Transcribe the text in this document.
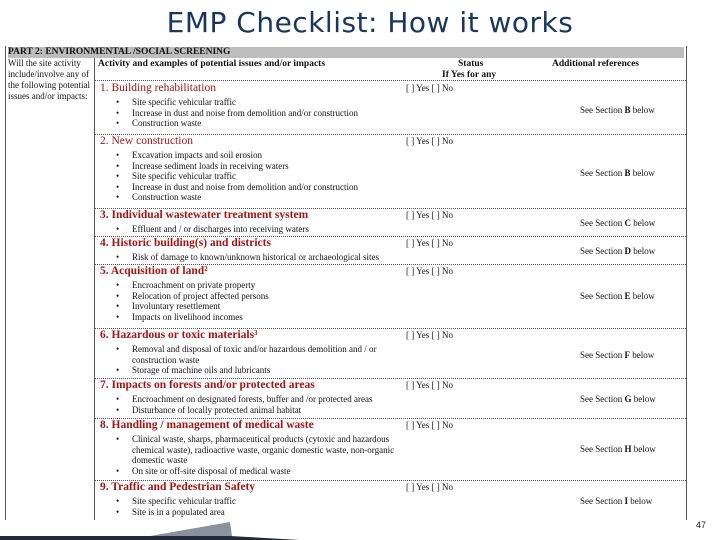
EMP Checklist: How it works
PART 2: ENVIRONMENTAL /SOCIAL SCREENING
Activity and examples of potential issues and/or impacts	Status
If Yes for any
Additional references
Will the site activity include/involve any of the following potential issues and/or impacts:
1. Building rehabilitation	[ ] Yes [ ] No
• Site specific vehicular traffic
• Increase in dust and noise from demolition and/or construction
• Construction waste
See Section B below
2. New construction	[ ] Yes [ ] No
• Excavation impacts and soil erosion
• Increase sediment loads in receiving waters
• Site specific vehicular traffic
• Increase in dust and noise from demolition and/or construction
• Construction waste
See Section B below
3. Individual wastewater treatment system	[ ] Yes [ ] No
• Effluent and / or discharges into receiving waters
See Section C below
4. Historic building(s) and districts	[ ] Yes [ ] No
• Risk of damage to known/unknown historical or archaeological sites
See Section D below
5. Acquisition of land²	[ ] Yes [ ] No
• Encroachment on private property
• Relocation of project affected persons
• Involuntary resettlement
• Impacts on livelihood incomes
See Section E below
6. Hazardous or toxic materials³	[ ] Yes [ ] No
• Removal and disposal of toxic and/or hazardous demolition and / or construction waste
• Storage of machine oils and lubricants
See Section F below
7. Impacts on forests and/or protected areas	[ ] Yes [ ] No
• Encroachment on designated forests, buffer and /or protected areas
• Disturbance of locally protected animal habitat
See Section G below
8. Handling / management of medical waste	[ ] Yes [ ] No
• Clinical waste, sharps, pharmaceutical products (cytoxic and hazardous chemical waste), radioactive waste, organic domestic waste, non-organic domestic waste
• On site or off-site disposal of medical waste
See Section H below
9. Traffic and Pedestrian Safety	[ ] Yes [ ] No
• Site specific vehicular traffic
• Site is in a populated area
See Section I below
47
